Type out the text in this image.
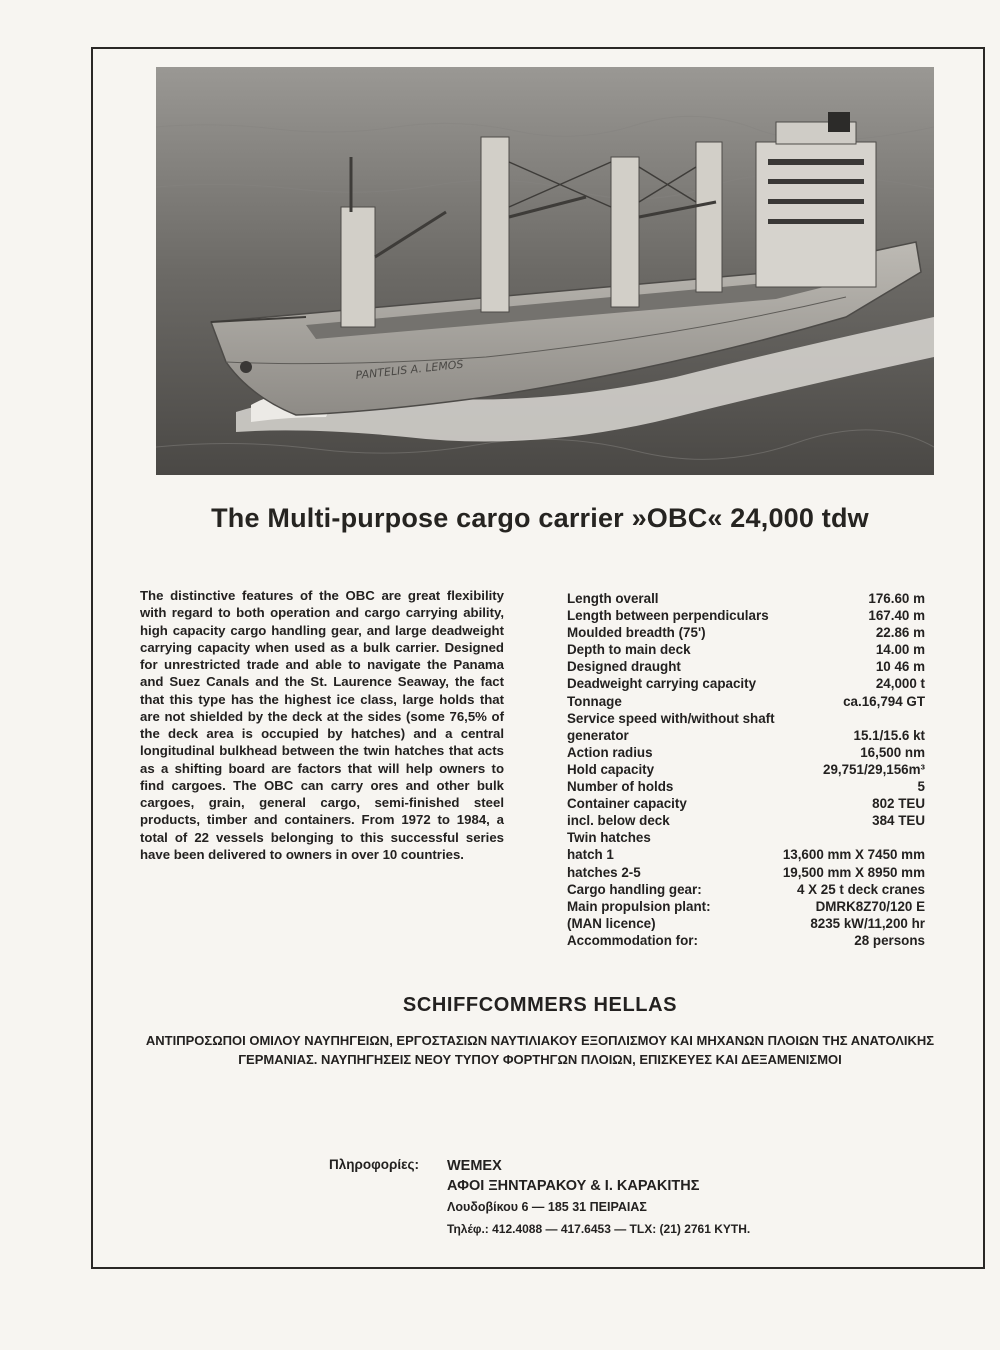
PANTELIS A. LEMOS
The Multi-purpose cargo carrier »OBC« 24,000 tdw
The distinctive features of the OBC are great flexibility with regard to both operation and cargo carrying ability, high capacity cargo handling gear, and large deadweight carrying capacity when used as a bulk carrier. Designed for unrestricted trade and able to navigate the Panama and Suez Canals and the St. Laurence Seaway, the fact that this type has the highest ice class, large holds that are not shielded by the deck at the sides (some 76,5% of the deck area is occupied by hatches) and a central longitudinal bulkhead between the twin hatches that acts as a shifting board are factors that will help owners to find cargoes. The OBC can carry ores and other bulk cargoes, grain, general cargo, semi-finished steel products, timber and containers. From 1972 to 1984, a total of 22 vessels belonging to this successful series have been delivered to owners in over 10 countries.
Length overall	176.60 m
Length between perpendiculars	167.40 m
Moulded breadth (75')	22.86 m
Depth to main deck	14.00 m
Designed draught	10 46 m
Deadweight carrying capacity	24,000 t
Tonnage	ca.16,794 GT
Service speed with/without shaft
generator	15.1/15.6 kt
Action radius	16,500 nm
Hold capacity	29,751/29,156m³
Number of holds	5
Container capacity	802 TEU
incl. below deck	384 TEU
Twin hatches
hatch 1	13,600 mm X 7450 mm
hatches 2-5	19,500 mm X 8950 mm
Cargo handling gear:	4 X 25 t deck cranes
Main propulsion plant:	DMRK8Z70/120 E
(MAN licence)	8235 kW/11,200 hr
Accommodation for:	28 persons
SCHIFFCOMMERS HELLAS
ΑΝΤΙΠΡΟΣΩΠΟΙ ΟΜΙΛΟΥ ΝΑΥΠΗΓΕΙΩΝ, ΕΡΓΟΣΤΑΣΙΩΝ ΝΑΥΤΙΛΙΑΚΟΥ ΕΞΟΠΛΙΣΜΟΥ ΚΑΙ ΜΗΧΑΝΩΝ ΠΛΟΙΩΝ ΤΗΣ ΑΝΑΤΟΛΙΚΗΣ ΓΕΡΜΑΝΙΑΣ. ΝΑΥΠΗΓΗΣΕΙΣ ΝΕΟΥ ΤΥΠΟΥ ΦΟΡΤΗΓΩΝ ΠΛΟΙΩΝ, ΕΠΙΣΚΕΥΕΣ ΚΑΙ ΔΕΞΑΜΕΝΙΣΜΟΙ
Πληροφορίες: WEMEX
ΑΦΟΙ ΞΗΝΤΑΡΑΚΟΥ & Ι. ΚΑΡΑΚΙΤΗΣ
Λουδοβίκου 6 — 185 31 ΠΕΙΡΑΙΑΣ
Τηλέφ.: 412.4088 — 417.6453 — TLX: (21) 2761 ΚΥΤΗ.
